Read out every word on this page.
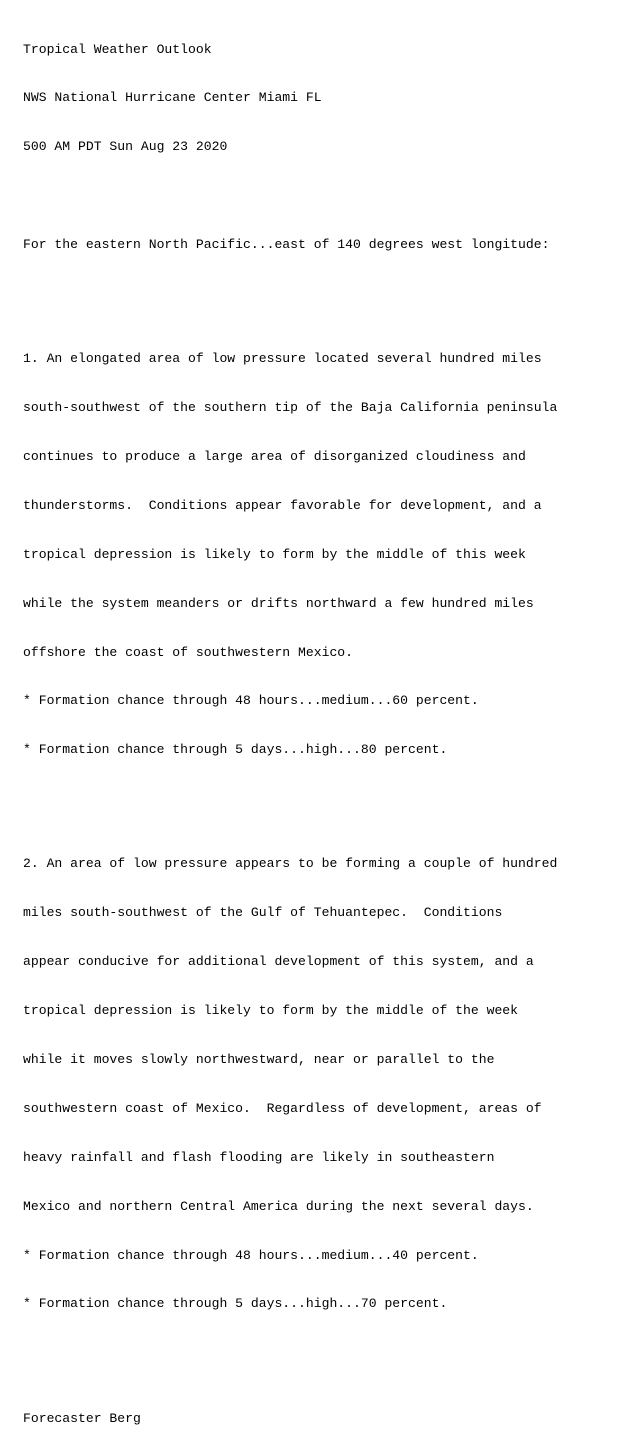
Tropical Weather Outlook

NWS National Hurricane Center Miami FL

500 AM PDT Sun Aug 23 2020

For the eastern North Pacific...east of 140 degrees west longitude:

1. An elongated area of low pressure located several hundred miles

south-southwest of the southern tip of the Baja California peninsula

continues to produce a large area of disorganized cloudiness and

thunderstorms.  Conditions appear favorable for development, and a

tropical depression is likely to form by the middle of this week

while the system meanders or drifts northward a few hundred miles

offshore the coast of southwestern Mexico.

* Formation chance through 48 hours...medium...60 percent.

* Formation chance through 5 days...high...80 percent.

2. An area of low pressure appears to be forming a couple of hundred

miles south-southwest of the Gulf of Tehuantepec.  Conditions

appear conducive for additional development of this system, and a

tropical depression is likely to form by the middle of the week

while it moves slowly northwestward, near or parallel to the

southwestern coast of Mexico.  Regardless of development, areas of

heavy rainfall and flash flooding are likely in southeastern

Mexico and northern Central America during the next several days.

* Formation chance through 48 hours...medium...40 percent.

* Formation chance through 5 days...high...70 percent.

Forecaster Berg
